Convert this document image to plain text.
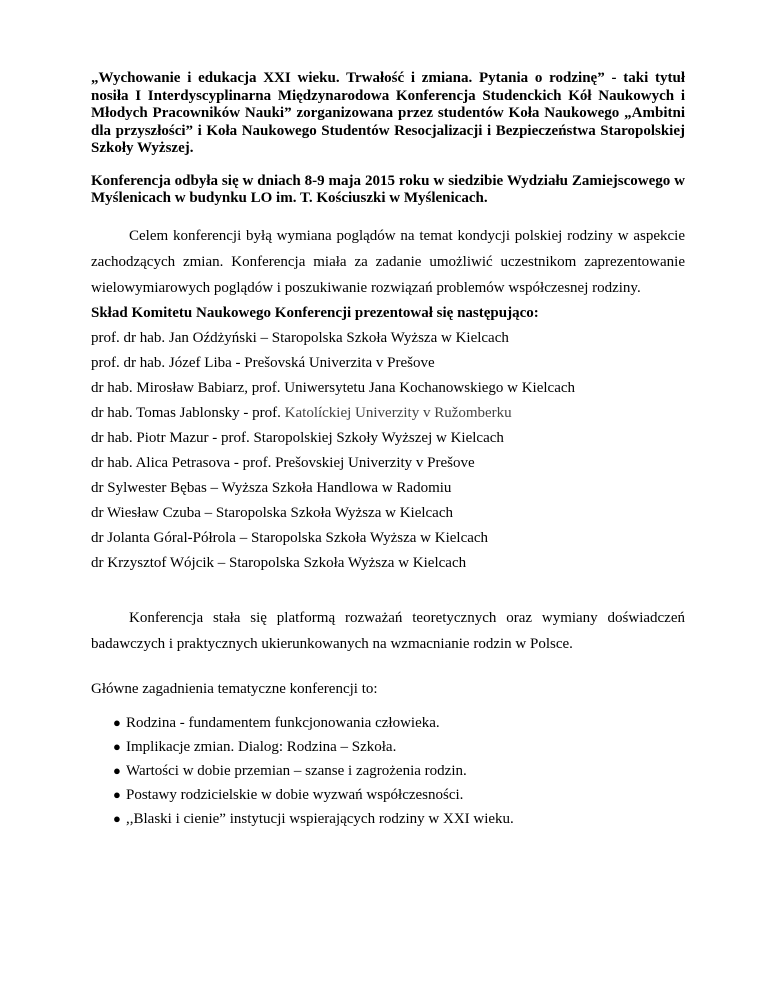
„Wychowanie i edukacja XXI wieku. Trwałość i zmiana. Pytania o rodzinę” - taki tytuł nosiła I Interdyscyplinarna Międzynarodowa Konferencja Studenckich Kół Naukowych i Młodych Pracowników Nauki” zorganizowana przez studentów Koła Naukowego „Ambitni dla przyszłości” i Koła Naukowego Studentów Resocjalizacji i Bezpieczeństwa Staropolskiej Szkoły Wyższej.

Konferencja odbyła się w dniach 8-9 maja 2015 roku w siedzibie Wydziału Zamiejscowego w Myślenicach w budynku LO im. T. Kościuszki w Myślenicach.

Celem konferencji byłą wymiana poglądów na temat kondycji polskiej rodziny w aspekcie zachodzących zmian. Konferencja miała za zadanie umożliwić uczestnikom zaprezentowanie wielowymiarowych poglądów i poszukiwanie rozwiązań problemów współczesnej rodziny.

Skład Komitetu Naukowego Konferencji prezentował się następująco:

prof. dr hab. Jan Oźdżyński – Staropolska Szkoła Wyższa w Kielcach
prof. dr hab. Józef Liba - Prešovská Univerzita v Prešove
dr hab. Mirosław Babiarz, prof. Uniwersytetu Jana Kochanowskiego w Kielcach
dr hab. Tomas Jablonsky - prof. Katolíckiej Univerzity v Ružomberku
dr hab. Piotr Mazur - prof. Staropolskiej Szkoły Wyższej w Kielcach
dr hab. Alica Petrasova - prof. Prešovskiej Univerzity v Prešove
dr Sylwester Bębas – Wyższa Szkoła Handlowa w Radomiu
dr Wiesław Czuba – Staropolska Szkoła Wyższa w Kielcach
dr Jolanta Góral-Półrola – Staropolska Szkoła Wyższa w Kielcach
dr Krzysztof Wójcik – Staropolska Szkoła Wyższa w Kielcach

Konferencja stała się platformą rozważań teoretycznych oraz wymiany doświadczeń badawczych i praktycznych ukierunkowanych na wzmacnianie rodzin w Polsce.

Główne zagadnienia tematyczne konferencji to:

● Rodzina - fundamentem funkcjonowania człowieka.
● Implikacje zmian. Dialog: Rodzina – Szkoła.
● Wartości w dobie przemian – szanse i zagrożenia rodzin.
● Postawy rodzicielskie w dobie wyzwań współczesności.
● ,,Blaski i cienie” instytucji wspierających rodziny w XXI wieku.
